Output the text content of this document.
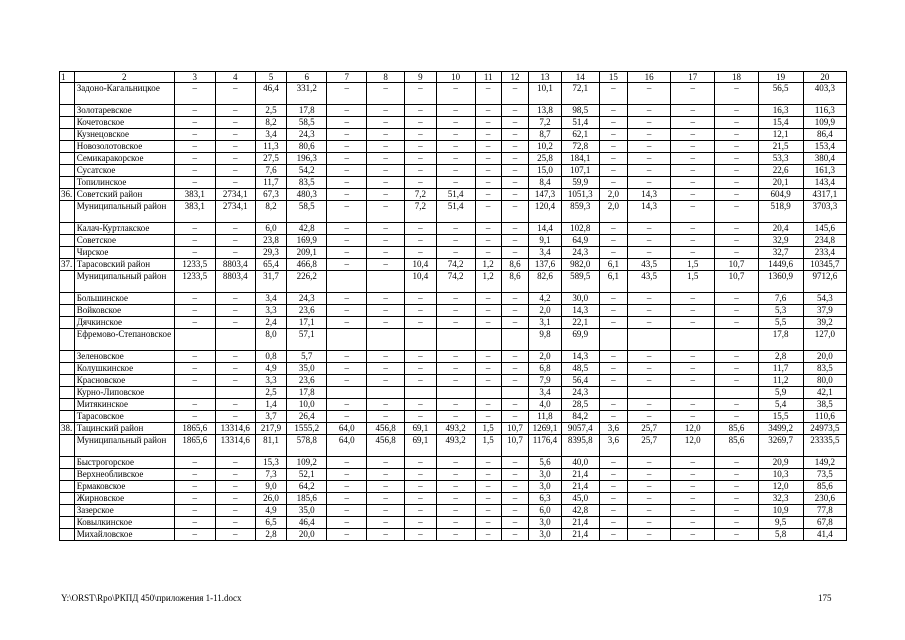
1	2	3	4	5	6	7	8	9	10	11	12	13	14	15	16	17	18	19	20
	Задоно-Кагальницкое	–	–	46,4	331,2	–	–	–	–	–	–	10,1	72,1	–	–	–	–	56,5	403,3
	Золотаревское	–	–	2,5	17,8	–	–	–	–	–	–	13,8	98,5	–	–	–	–	16,3	116,3
	Кочетовское	–	–	8,2	58,5	–	–	–	–	–	–	7,2	51,4	–	–	–	–	15,4	109,9
	Кузнецовское	–	–	3,4	24,3	–	–	–	–	–	–	8,7	62,1	–	–	–	–	12,1	86,4
	Новозолотовское	–	–	11,3	80,6	–	–	–	–	–	–	10,2	72,8	–	–	–	–	21,5	153,4
	Семикаракорское	–	–	27,5	196,3	–	–	–	–	–	–	25,8	184,1	–	–	–	–	53,3	380,4
	Сусатское	–	–	7,6	54,2	–	–	–	–	–	–	15,0	107,1	–	–	–	–	22,6	161,3
	Топилинское	–	–	11,7	83,5	–	–	–	–	–	–	8,4	59,9	–	–	–	–	20,1	143,4
36.	Советский район	383,1	2734,1	67,3	480,3	–	–	7,2	51,4	–	–	147,3	1051,3	2,0	14,3	–	–	604,9	4317,1
	Муниципальный район	383,1	2734,1	8,2	58,5	–	–	7,2	51,4	–	–	120,4	859,3	2,0	14,3	–	–	518,9	3703,3
	Калач-Куртлакское	–	–	6,0	42,8	–	–	–	–	–	–	14,4	102,8	–	–	–	–	20,4	145,6
	Советское	–	–	23,8	169,9	–	–	–	–	–	–	9,1	64,9	–	–	–	–	32,9	234,8
	Чирское	–	–	29,3	209,1	–	–	–	–	–	–	3,4	24,3	–	–	–	–	32,7	233,4
37.	Тарасовский район	1233,5	8803,4	65,4	466,8	–	–	10,4	74,2	1,2	8,6	137,6	982,0	6,1	43,5	1,5	10,7	1449,6	10345,7
	Муниципальный район	1233,5	8803,4	31,7	226,2			10,4	74,2	1,2	8,6	82,6	589,5	6,1	43,5	1,5	10,7	1360,9	9712,6
	Большинское	–	–	3,4	24,3	–	–	–	–	–	–	4,2	30,0	–	–	–	–	7,6	54,3
	Войковское	–	–	3,3	23,6	–	–	–	–	–	–	2,0	14,3	–	–	–	–	5,3	37,9
	Дячкинское	–	–	2,4	17,1	–	–	–	–	–	–	3,1	22,1	–	–	–	–	5,5	39,2
	Ефремово-Степановское			8,0	57,1							9,8	69,9					17,8	127,0
	Зеленовское	–	–	0,8	5,7	–	–	–	–	–	–	2,0	14,3	–	–	–	–	2,8	20,0
	Колушкинское	–	–	4,9	35,0	–	–	–	–	–	–	6,8	48,5	–	–	–	–	11,7	83,5
	Красновское	–	–	3,3	23,6	–	–	–	–	–	–	7,9	56,4	–	–	–	–	11,2	80,0
	Курно-Липовское			2,5	17,8							3,4	24,3					5,9	42,1
	Митякинское	–	–	1,4	10,0	–	–	–	–	–	–	4,0	28,5	–	–	–	–	5,4	38,5
	Тарасовское	–	–	3,7	26,4	–	–	–	–	–	–	11,8	84,2	–	–	–	–	15,5	110,6
38.	Тацинский район	1865,6	13314,6	217,9	1555,2	64,0	456,8	69,1	493,2	1,5	10,7	1269,1	9057,4	3,6	25,7	12,0	85,6	3499,2	24973,5
	Муниципальный район	1865,6	13314,6	81,1	578,8	64,0	456,8	69,1	493,2	1,5	10,7	1176,4	8395,8	3,6	25,7	12,0	85,6	3269,7	23335,5
	Быстрогорское	–	–	15,3	109,2	–	–	–	–	–	–	5,6	40,0	–	–	–	–	20,9	149,2
	Верхнеобливское	–	–	7,3	52,1	–	–	–	–	–	–	3,0	21,4	–	–	–	–	10,3	73,5
	Ермаковское	–	–	9,0	64,2	–	–	–	–	–	–	3,0	21,4	–	–	–	–	12,0	85,6
	Жирновское	–	–	26,0	185,6	–	–	–	–	–	–	6,3	45,0	–	–	–	–	32,3	230,6
	Зазерское	–	–	4,9	35,0	–	–	–	–	–	–	6,0	42,8	–	–	–	–	10,9	77,8
	Ковылкинское	–	–	6,5	46,4	–	–	–	–	–	–	3,0	21,4	–	–	–	–	9,5	67,8
	Михайловское	–	–	2,8	20,0	–	–	–	–	–	–	3,0	21,4	–	–	–	–	5,8	41,4
Y:\ORST\Rpo\РКПД 450\приложения 1-11.docx	175
